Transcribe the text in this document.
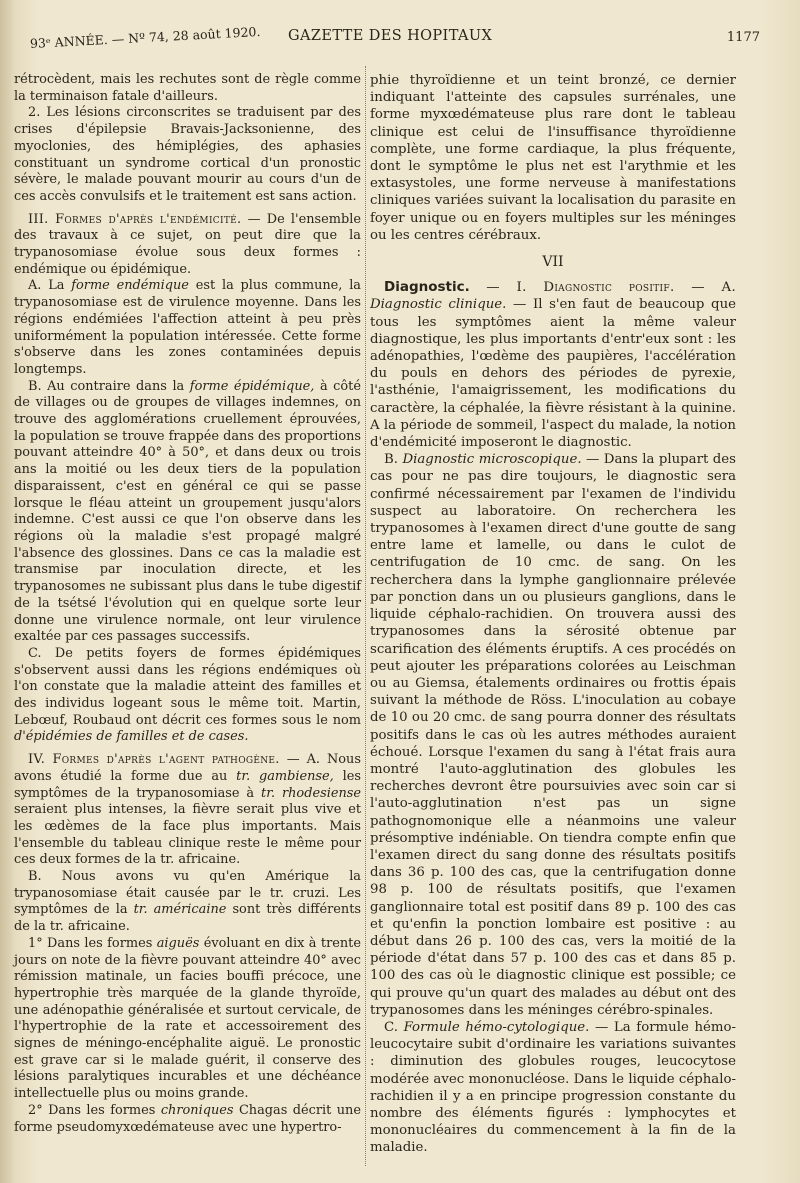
93ᵉ ANNÉE. — Nº 74, 28 août 1920. GAZETTE DES HOPITAUX	1177

rétrocèdent, mais les rechutes sont de règle comme la terminaison fatale d'ailleurs.

2. Les lésions circonscrites se traduisent par des crises d'épilepsie Bravais-Jacksonienne, des myoclonies, des hémiplégies, des aphasies constituant un syndrome cortical d'un pronostic sévère, le malade pouvant mourir au cours d'un de ces accès convulsifs et le traitement est sans action.

III. Formes d'après l'endémicité. — De l'ensemble des travaux à ce sujet, on peut dire que la trypanosomiase évolue sous deux formes : endémique ou épidémique.

A. La forme endémique est la plus commune, la trypanosomiase est de virulence moyenne. Dans les régions endémiées l'affection atteint à peu près uniformément la population intéressée. Cette forme s'observe dans les zones contaminées depuis longtemps.

B. Au contraire dans la forme épidémique, à côté de villages ou de groupes de villages indemnes, on trouve des agglomérations cruellement éprouvées, la population se trouve frappée dans des proportions pouvant atteindre 40° à 50°, et dans deux ou trois ans la moitié ou les deux tiers de la population disparaissent, c'est en général ce qui se passe lorsque le fléau atteint un groupement jusqu'alors indemne. C'est aussi ce que l'on observe dans les régions où la maladie s'est propagé malgré l'absence des glossines. Dans ce cas la maladie est transmise par inoculation directe, et les trypanosomes ne subissant plus dans le tube digestif de la tsétsé l'évolution qui en quelque sorte leur donne une virulence normale, ont leur virulence exaltée par ces passages successifs.

C. De petits foyers de formes épidémiques s'observent aussi dans les régions endémiques où l'on constate que la maladie atteint des familles et des individus logeant sous le même toit. Martin, Lebœuf, Roubaud ont décrit ces formes sous le nom d'épidémies de familles et de cases.

IV. Formes d'après l'agent pathogène. — A. Nous avons étudié la forme due au tr. gambiense, les symptômes de la trypanosomiase à tr. rhodesiense seraient plus intenses, la fièvre serait plus vive et les œdèmes de la face plus importants. Mais l'ensemble du tableau clinique reste le même pour ces deux formes de la tr. africaine.

B. Nous avons vu qu'en Amérique la trypanosomiase était causée par le tr. cruzi. Les symptômes de la tr. américaine sont très différents de la tr. africaine.

1° Dans les formes aiguës évoluant en dix à trente jours on note de la fièvre pouvant atteindre 40° avec rémission matinale, un facies bouffi précoce, une hypertrophie très marquée de la glande thyroïde, une adénopathie généralisée et surtout cervicale, de l'hypertrophie de la rate et accessoirement des signes de méningo-encéphalite aiguë. Le pronostic est grave car si le malade guérit, il conserve des lésions paralytiques incurables et une déchéance intellectuelle plus ou moins grande.

2° Dans les formes chroniques Chagas décrit une forme pseudomyxœdémateuse avec une hypertro-

phie thyroïdienne et un teint bronzé, ce dernier indiquant l'atteinte des capsules surrénales, une forme myxœdémateuse plus rare dont le tableau clinique est celui de l'insuffisance thyroïdienne complète, une forme cardiaque, la plus fréquente, dont le symptôme le plus net est l'arythmie et les extasystoles, une forme nerveuse à manifestations cliniques variées suivant la localisation du parasite en foyer unique ou en foyers multiples sur les méninges ou les centres cérébraux.

VII

Diagnostic. — I. Diagnostic positif. — A. Diagnostic clinique. — Il s'en faut de beaucoup que tous les symptômes aient la même valeur diagnostique, les plus importants d'entr'eux sont : les adénopathies, l'œdème des paupières, l'accélération du pouls en dehors des périodes de pyrexie, l'asthénie, l'amaigrissement, les modifications du caractère, la céphalée, la fièvre résistant à la quinine. A la période de sommeil, l'aspect du malade, la notion d'endémicité imposeront le diagnostic.

B. Diagnostic microscopique. — Dans la plupart des cas pour ne pas dire toujours, le diagnostic sera confirmé nécessairement par l'examen de l'individu suspect au laboratoire. On recherchera les trypanosomes à l'examen direct d'une goutte de sang entre lame et lamelle, ou dans le culot de centrifugation de 10 cmc. de sang. On les recherchera dans la lymphe ganglionnaire prélevée par ponction dans un ou plusieurs ganglions, dans le liquide céphalo-rachidien. On trouvera aussi des trypanosomes dans la sérosité obtenue par scarification des éléments éruptifs. A ces procédés on peut ajouter les préparations colorées au Leischman ou au Giemsa, étalements ordinaires ou frottis épais suivant la méthode de Röss. L'inoculation au cobaye de 10 ou 20 cmc. de sang pourra donner des résultats positifs dans le cas où les autres méthodes auraient échoué. Lorsque l'examen du sang à l'état frais aura montré l'auto-agglutination des globules les recherches devront être poursuivies avec soin car si l'auto-agglutination n'est pas un signe pathognomonique elle a néanmoins une valeur présomptive indéniable. On tiendra compte enfin que l'examen direct du sang donne des résultats positifs dans 36 p. 100 des cas, que la centrifugation donne 98 p. 100 de résultats positifs, que l'examen ganglionnaire total est positif dans 89 p. 100 des cas et qu'enfin la ponction lombaire est positive : au début dans 26 p. 100 des cas, vers la moitié de la période d'état dans 57 p. 100 des cas et dans 85 p. 100 des cas où le diagnostic clinique est possible; ce qui prouve qu'un quart des malades au début ont des trypanosomes dans les méninges cérébro-spinales.

C. Formule hémo-cytologique. — La formule hémo-leucocytaire subit d'ordinaire les variations suivantes : diminution des globules rouges, leucocytose modérée avec mononucléose. Dans le liquide céphalo-rachidien il y a en principe progression constante du nombre des éléments figurés : lymphocytes et mononucléaires du commencement à la fin de la maladie.
